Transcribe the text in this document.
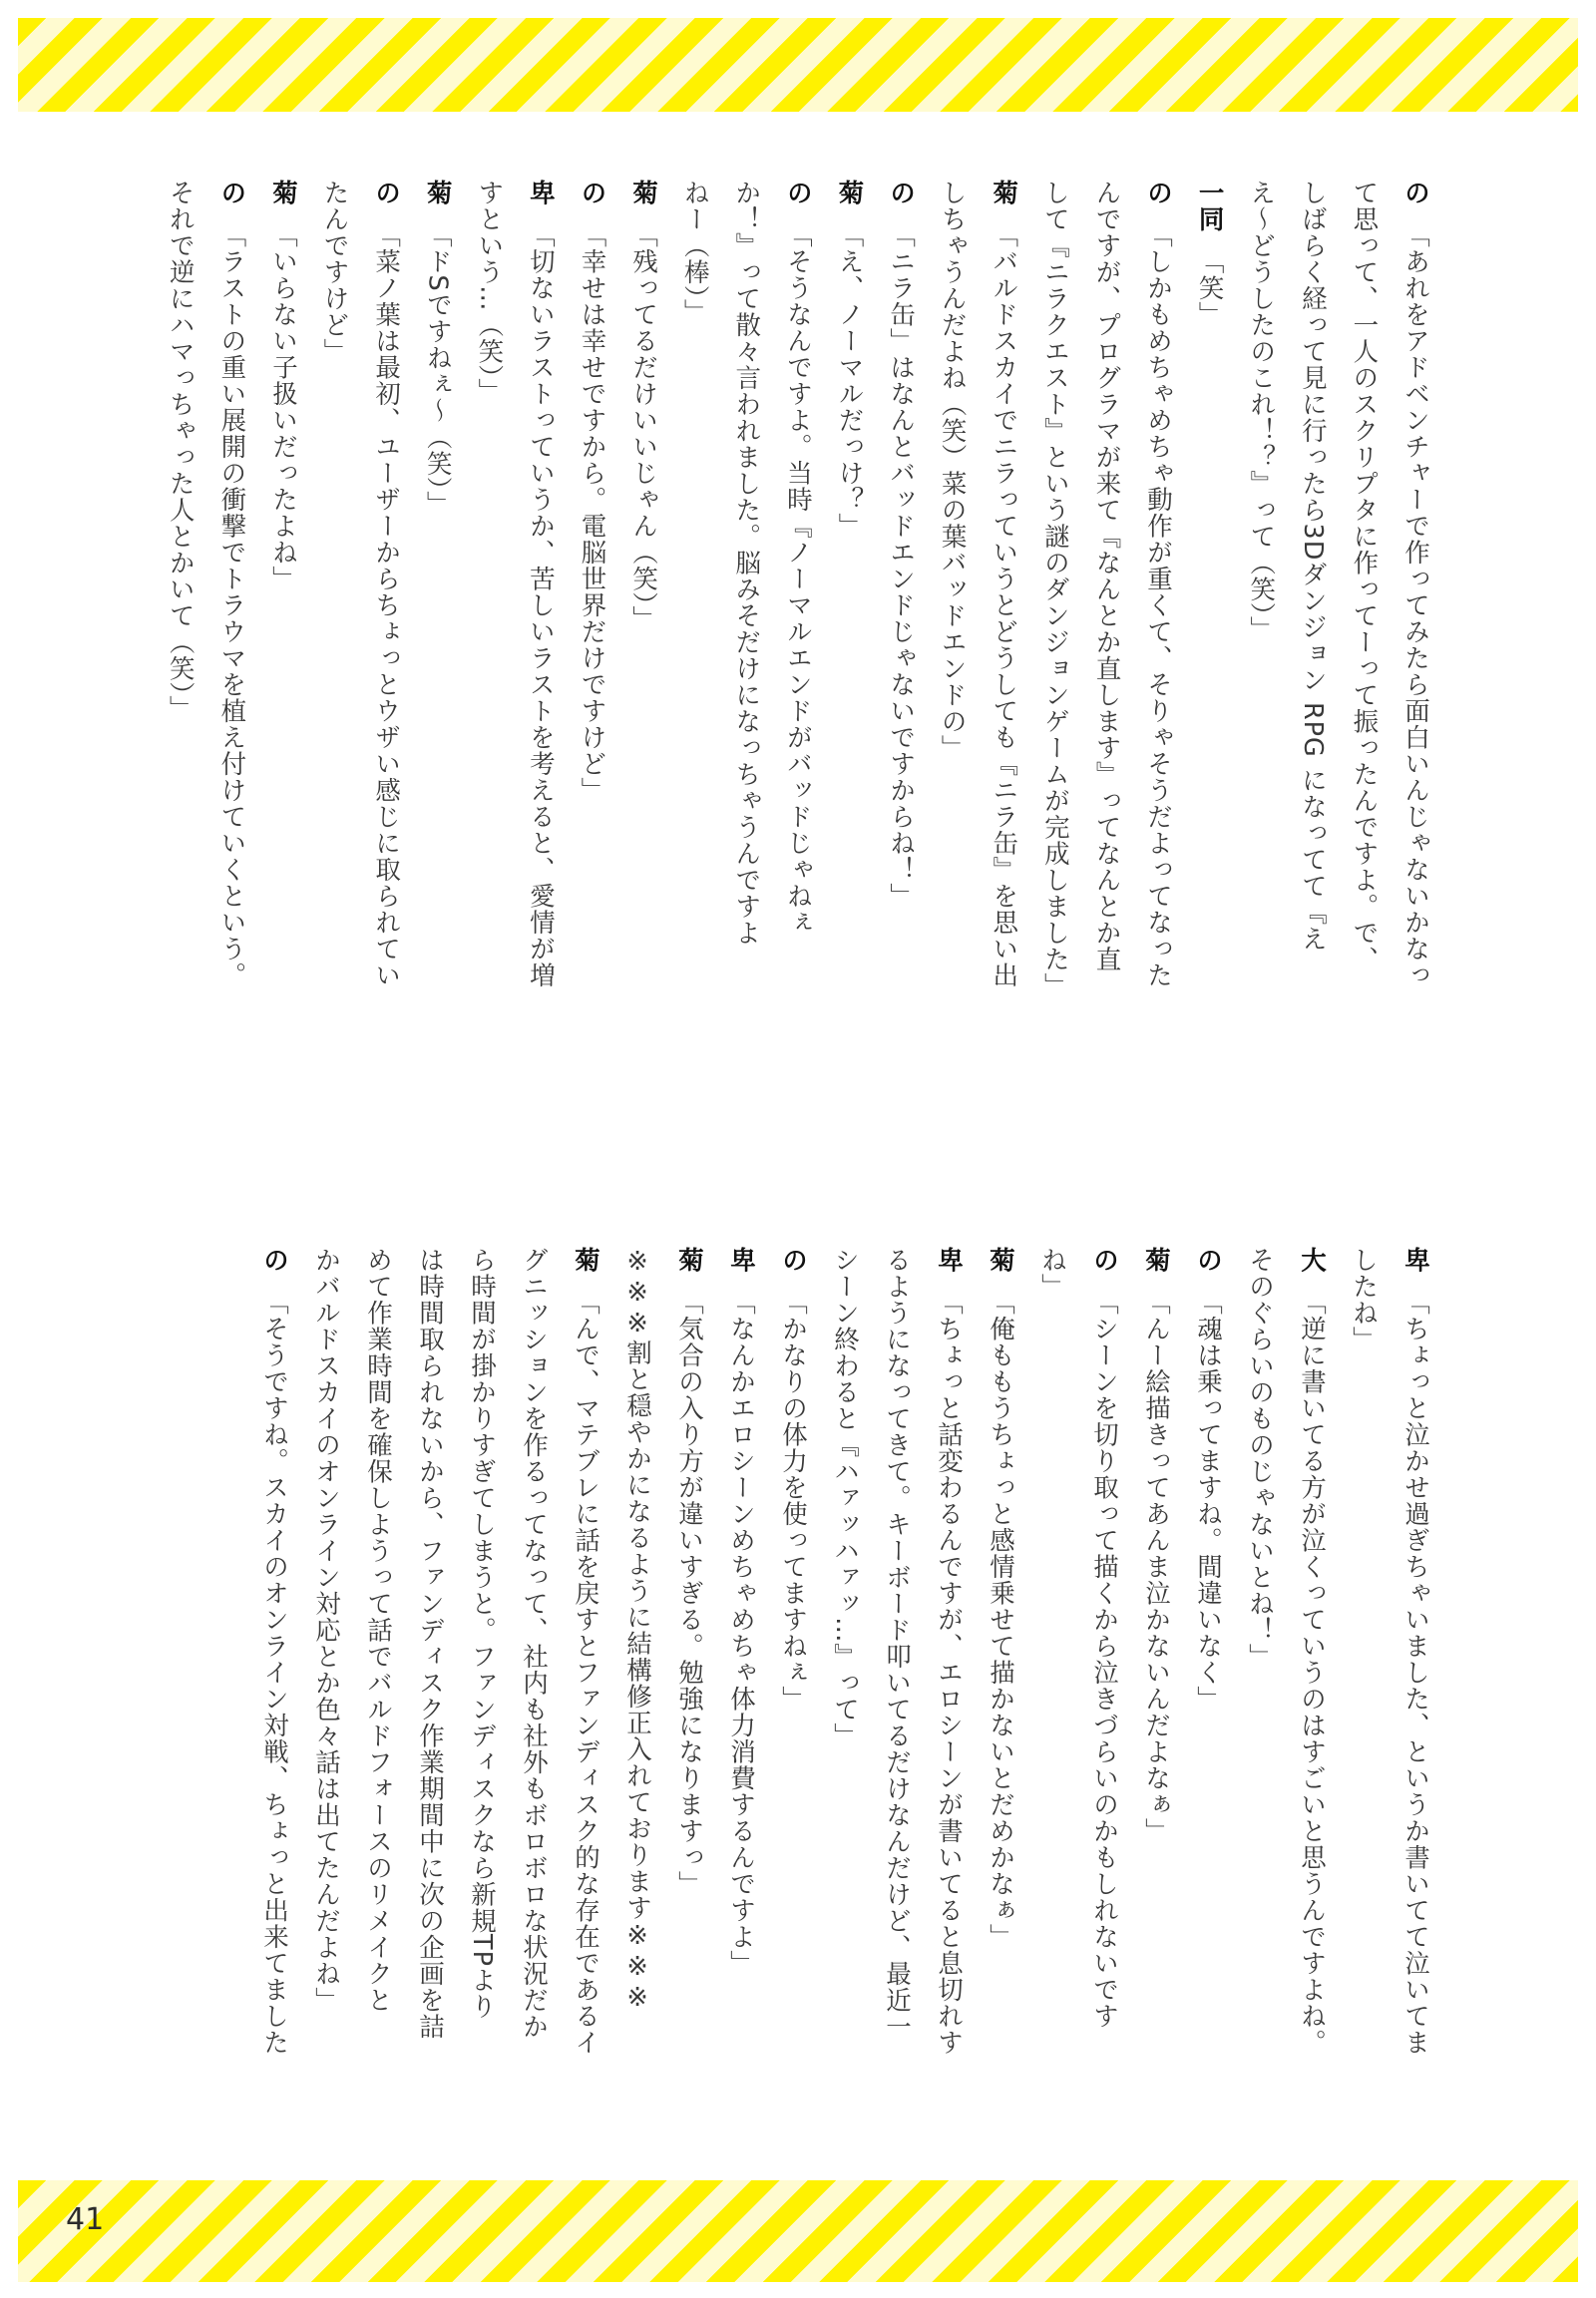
の「あれをアドベンチャーで作ってみたら面白いんじゃないかなっ
て思って、一人のスクリプタに作ってーって振ったんですよ。で、
しばらく経って見に行ったら3Dダンジョン RPG になってて『え
え～どうしたのこれ！？』って（笑）」
一同「笑」
の「しかもめちゃめちゃ動作が重くて、そりゃそうだよってなった
んですが、プログラマが来て『なんとか直します』ってなんとか直
して『ニラクエスト』という謎のダンジョンゲームが完成しました」
菊「バルドスカイでニラっていうとどうしても『ニラ缶』を思い出
しちゃうんだよね（笑）菜の葉バッドエンドの」
の「ニラ缶」はなんとバッドエンドじゃないですからね！」
菊「え、ノーマルだっけ？」
の「そうなんですよ。当時『ノーマルエンドがバッドじゃねぇ
か！』って散々言われました。脳みそだけになっちゃうんですよ
ねー（棒）」
菊「残ってるだけいいじゃん（笑）」
の「幸せは幸せですから。電脳世界だけですけど」
卑「切ないラストっていうか、苦しいラストを考えると、愛情が増
すという…（笑）」
菊「ドSですねぇ～（笑）」
の「菜ノ葉は最初、ユーザーからちょっとウザい感じに取られてい
たんですけど」
菊「いらない子扱いだったよね」
の「ラストの重い展開の衝撃でトラウマを植え付けていくという。
それで逆にハマっちゃった人とかいて（笑）」
卑「ちょっと泣かせ過ぎちゃいました、というか書いてて泣いてま
したね」
大「逆に書いてる方が泣くっていうのはすごいと思うんですよね。
そのぐらいのものじゃないとね！」
の「魂は乗ってますね。間違いなく」
菊「んー絵描きってあんま泣かないんだよなぁ」
の「シーンを切り取って描くから泣きづらいのかもしれないです
ね」
菊「俺ももうちょっと感情乗せて描かないとだめかなぁ」
卑「ちょっと話変わるんですが、エロシーンが書いてると息切れす
るようになってきて。キーボード叩いてるだけなんだけど、最近一
シーン終わると『ハァッハァッ…』って」
の「かなりの体力を使ってますねぇ」
卑「なんかエロシーンめちゃめちゃ体力消費するんですよ」
菊「気合の入り方が違いすぎる。勉強になりますっ」
※※※割と穏やかになるように結構修正入れております※※※
菊「んで、マテブレに話を戻すとファンディスク的な存在であるイ
グニッションを作るってなって、社内も社外もボロボロな状況だか
ら時間が掛かりすぎてしまうと。ファンディスクなら新規TPより
は時間取られないから、ファンディスク作業期間中に次の企画を詰
めて作業時間を確保しようって話でバルドフォースのリメイクと
かバルドスカイのオンライン対応とか色々話は出てたんだよね」
の「そうですね。スカイのオンライン対戦、ちょっと出来てました
41
